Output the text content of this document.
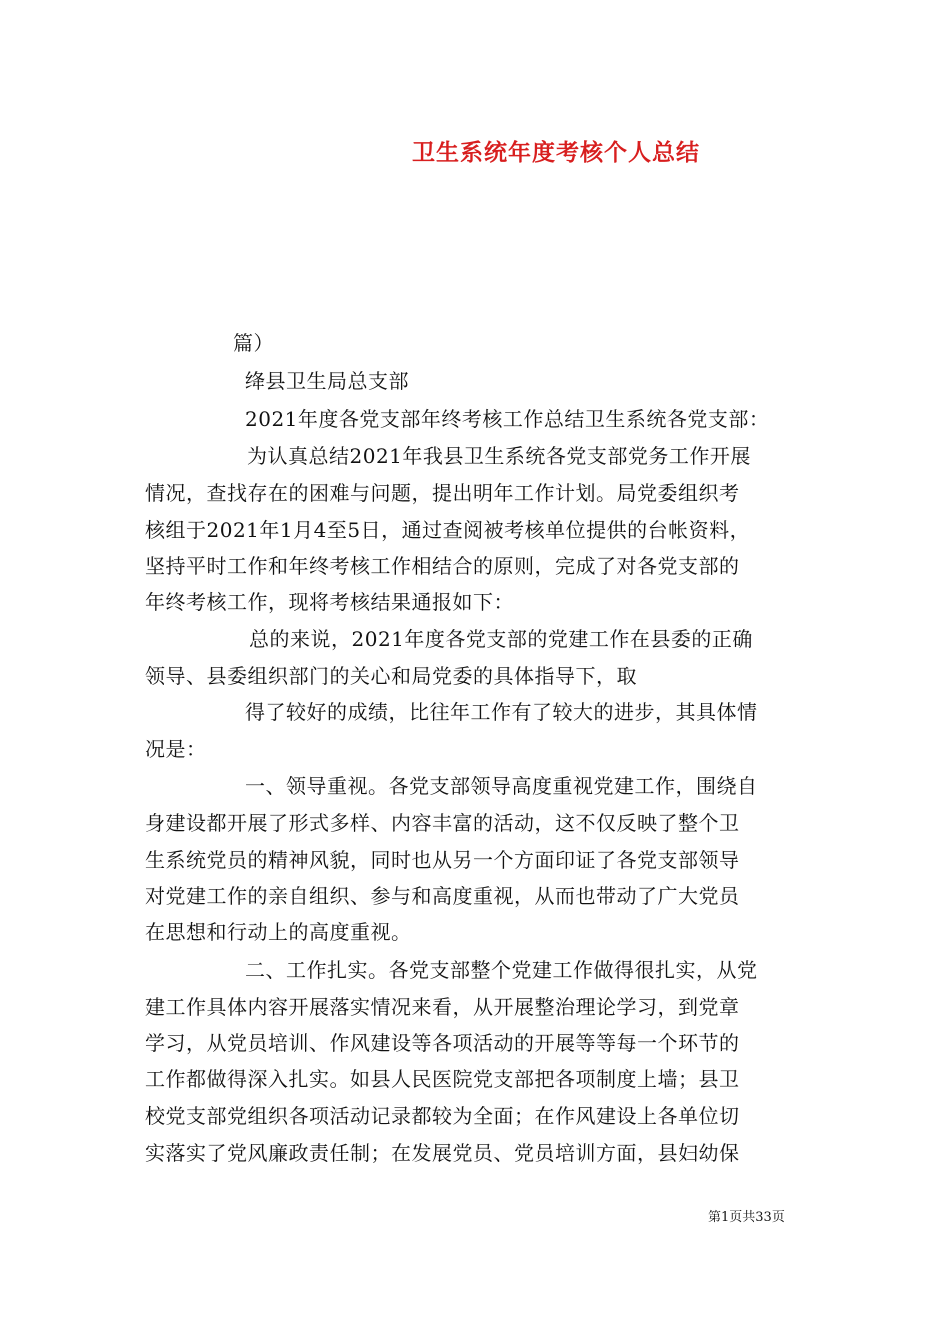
卫生系统年度考核个人总结
篇）
绛县卫生局总支部
2021年度各党支部年终考核工作总结卫生系统各党支部：
为认真总结2021年我县卫生系统各党支部党务工作开展
情况，查找存在的困难与问题，提出明年工作计划。局党委组织考
核组于2021年1月4至5日，通过查阅被考核单位提供的台帐资料，
坚持平时工作和年终考核工作相结合的原则，完成了对各党支部的
年终考核工作，现将考核结果通报如下：
总的来说，2021年度各党支部的党建工作在县委的正确
领导、县委组织部门的关心和局党委的具体指导下，取
得了较好的成绩，比往年工作有了较大的进步，其具体情
况是：
一、领导重视。各党支部领导高度重视党建工作，围绕自
身建设都开展了形式多样、内容丰富的活动，这不仅反映了整个卫
生系统党员的精神风貌，同时也从另一个方面印证了各党支部领导
对党建工作的亲自组织、参与和高度重视，从而也带动了广大党员
在思想和行动上的高度重视。
二、工作扎实。各党支部整个党建工作做得很扎实，从党
建工作具体内容开展落实情况来看，从开展整治理论学习，到党章
学习，从党员培训、作风建设等各项活动的开展等等每一个环节的
工作都做得深入扎实。如县人民医院党支部把各项制度上墙；县卫
校党支部党组织各项活动记录都较为全面；在作风建设上各单位切
实落实了党风廉政责任制；在发展党员、党员培训方面，县妇幼保
第1页共33页
